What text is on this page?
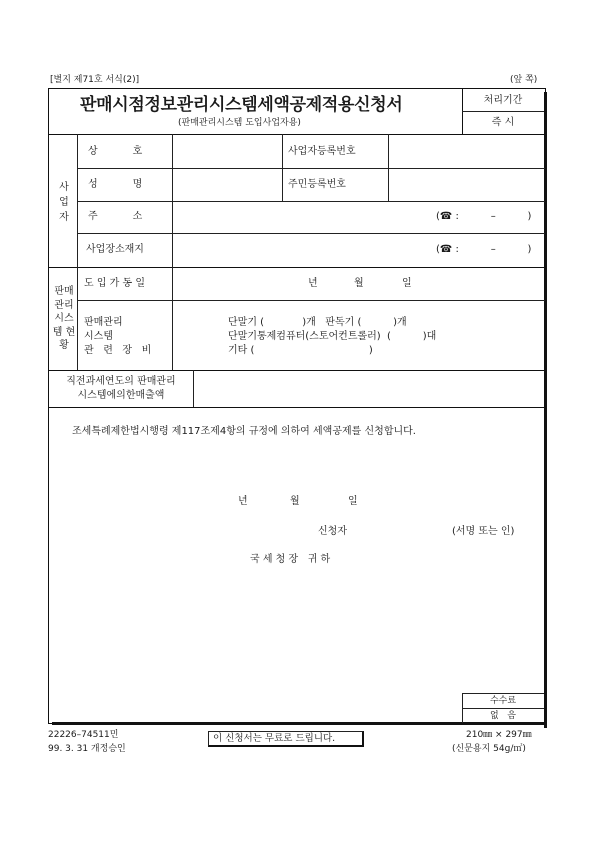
[별지 제71호 서식(2)]	(앞 쪽)
판매시점정보관리시스템세액공제적용신청서
(판매관리시스템 도입사업자용)
처리기간
즉 시
사 업 자
상           호	사업자등록번호
성           명	주민등록번호
주           소	(☎ :          –          )
사업장소재지	(☎ :          –          )
판매 관리 시스 템 현황
도 입 가 동 일	년	월	일
판매관리
시스템
관   련   장   비
단말기 (            )개   판독기 (          )개
단말기통제컴퓨터(스토어컨트롤러)  (          )대
기타 (                                    )
직전과세연도의 판매관리
시스템에의한매출액
조세특례제한법시행령 제117조제4항의 규정에 의하여 세액공제를 신청합니다.
년	월	일
신청자	(서명 또는 인)
국 세 청 장   귀 하
수수료
없   음
22226–74511민
99. 3. 31 개정승인
이 신청서는 무료로 드립니다.	210㎜ × 297㎜
(신문용지 54g/㎡)
